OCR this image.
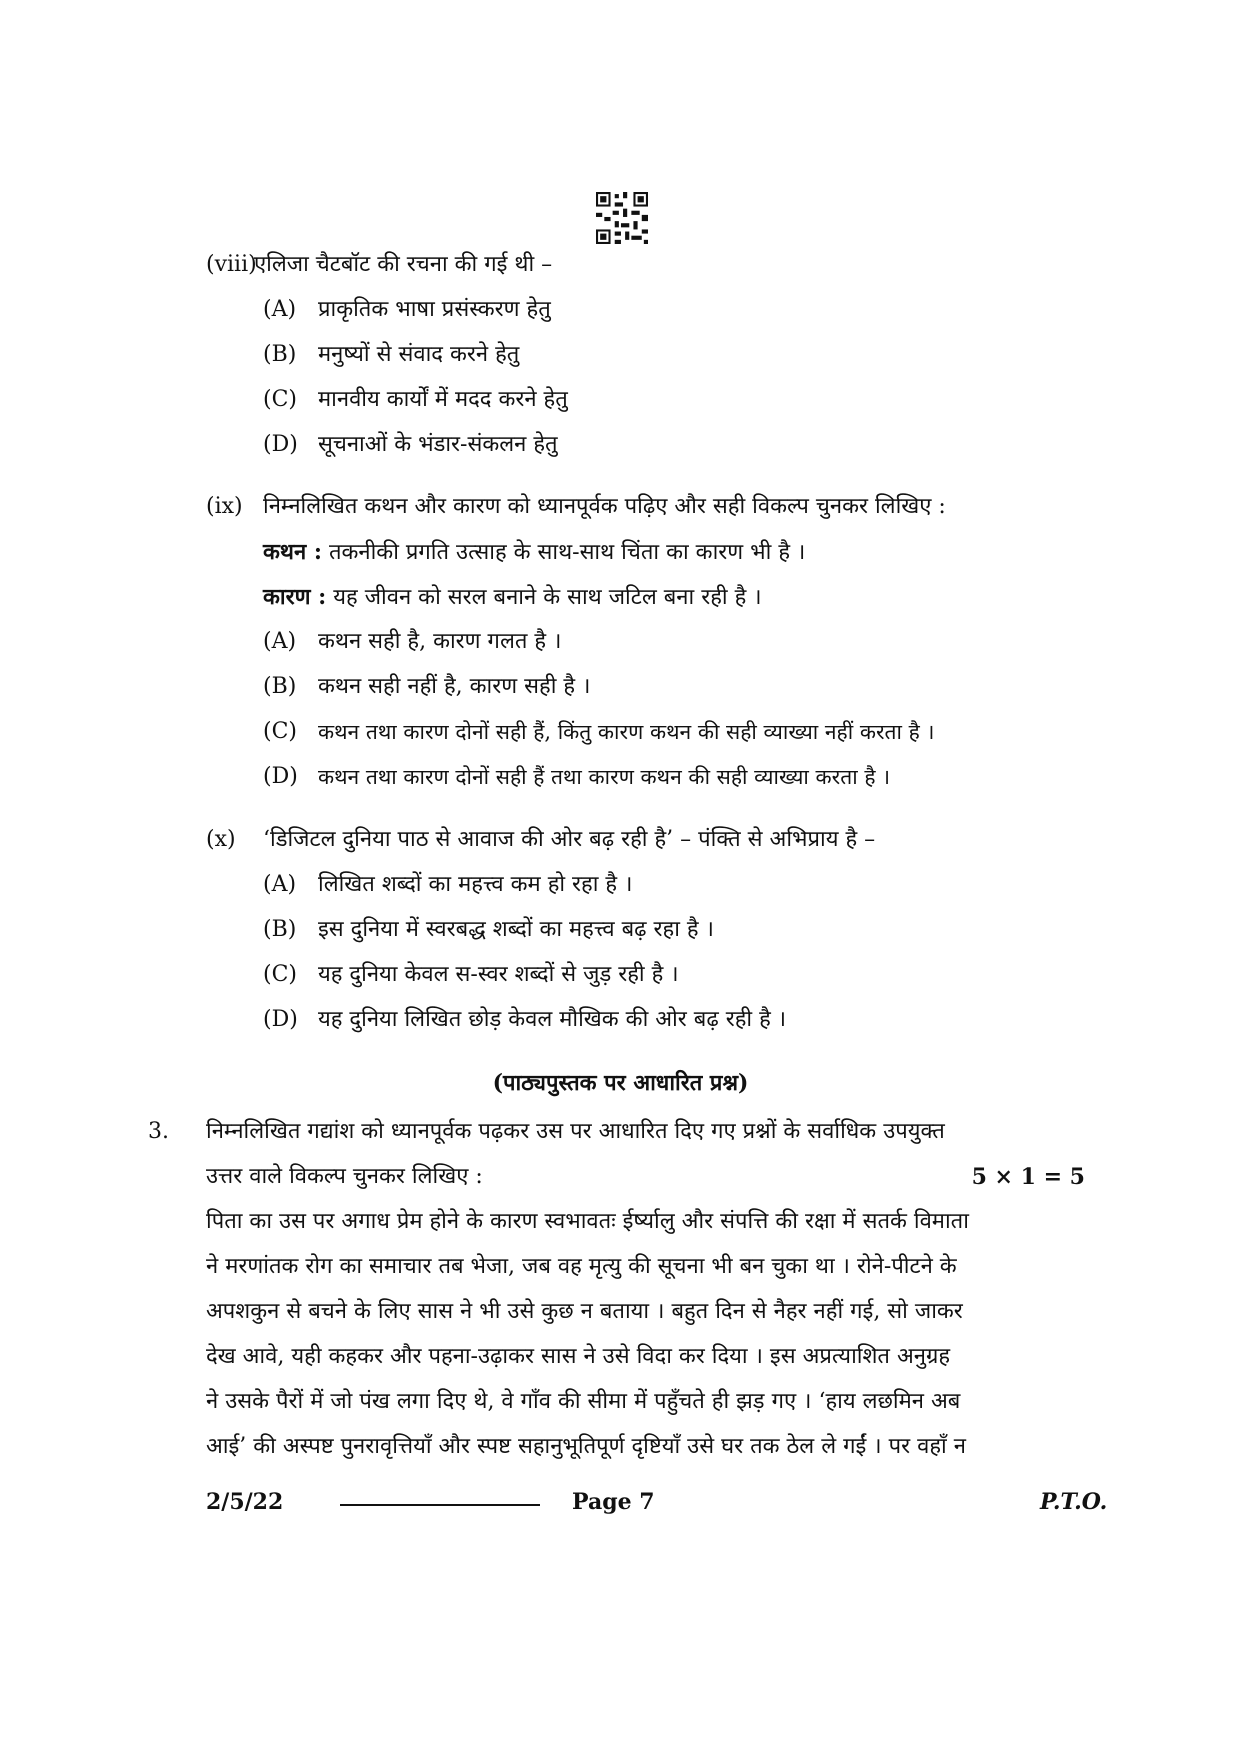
(viii)
एलिजा चैटबॉट की रचना की गई थी –
(A) प्राकृतिक भाषा प्रसंस्करण हेतु
(B) मनुष्यों से संवाद करने हेतु
(C) मानवीय कार्यों में मदद करने हेतु
(D) सूचनाओं के भंडार-संकलन हेतु
(ix) निम्नलिखित कथन और कारण को ध्यानपूर्वक पढ़िए और सही विकल्प चुनकर लिखिए :
कथन : तकनीकी प्रगति उत्साह के साथ-साथ चिंता का कारण भी है ।
कारण : यह जीवन को सरल बनाने के साथ जटिल बना रही है ।
(A) कथन सही है, कारण गलत है ।
(B) कथन सही नहीं है, कारण सही है ।
(C) कथन तथा कारण दोनों सही हैं, किंतु कारण कथन की सही व्याख्या नहीं करता है ।
(D) कथन तथा कारण दोनों सही हैं तथा कारण कथन की सही व्याख्या करता है ।
(x) ‘डिजिटल दुनिया पाठ से आवाज की ओर बढ़ रही है’ – पंक्ति से अभिप्राय है –
(A) लिखित शब्दों का महत्त्व कम हो रहा है ।
(B) इस दुनिया में स्वरबद्ध शब्दों का महत्त्व बढ़ रहा है ।
(C) यह दुनिया केवल स-स्वर शब्दों से जुड़ रही है ।
(D) यह दुनिया लिखित छोड़ केवल मौखिक की ओर बढ़ रही है ।
(पाठ्यपुस्तक पर आधारित प्रश्न)
3. निम्नलिखित गद्यांश को ध्यानपूर्वक पढ़कर उस पर आधारित दिए गए प्रश्नों के सर्वाधिक उपयुक्त
उत्तर वाले विकल्प चुनकर लिखिए :	5 × 1 = 5
पिता का उस पर अगाध प्रेम होने के कारण स्वभावतः ईर्ष्यालु और संपत्ति की रक्षा में सतर्क विमाता
ने मरणांतक रोग का समाचार तब भेजा, जब वह मृत्यु की सूचना भी बन चुका था । रोने-पीटने के
अपशकुन से बचने के लिए सास ने भी उसे कुछ न बताया । बहुत दिन से नैहर नहीं गई, सो जाकर
देख आवे, यही कहकर और पहना-उढ़ाकर सास ने उसे विदा कर दिया । इस अप्रत्याशित अनुग्रह
ने उसके पैरों में जो पंख लगा दिए थे, वे गाँव की सीमा में पहुँचते ही झड़ गए । ‘हाय लछमिन अब
आई’ की अस्पष्ट पुनरावृत्तियाँ और स्पष्ट सहानुभूतिपूर्ण दृष्टियाँ उसे घर तक ठेल ले गईं । पर वहाँ न
2/5/22	Page 7	P.T.O.
